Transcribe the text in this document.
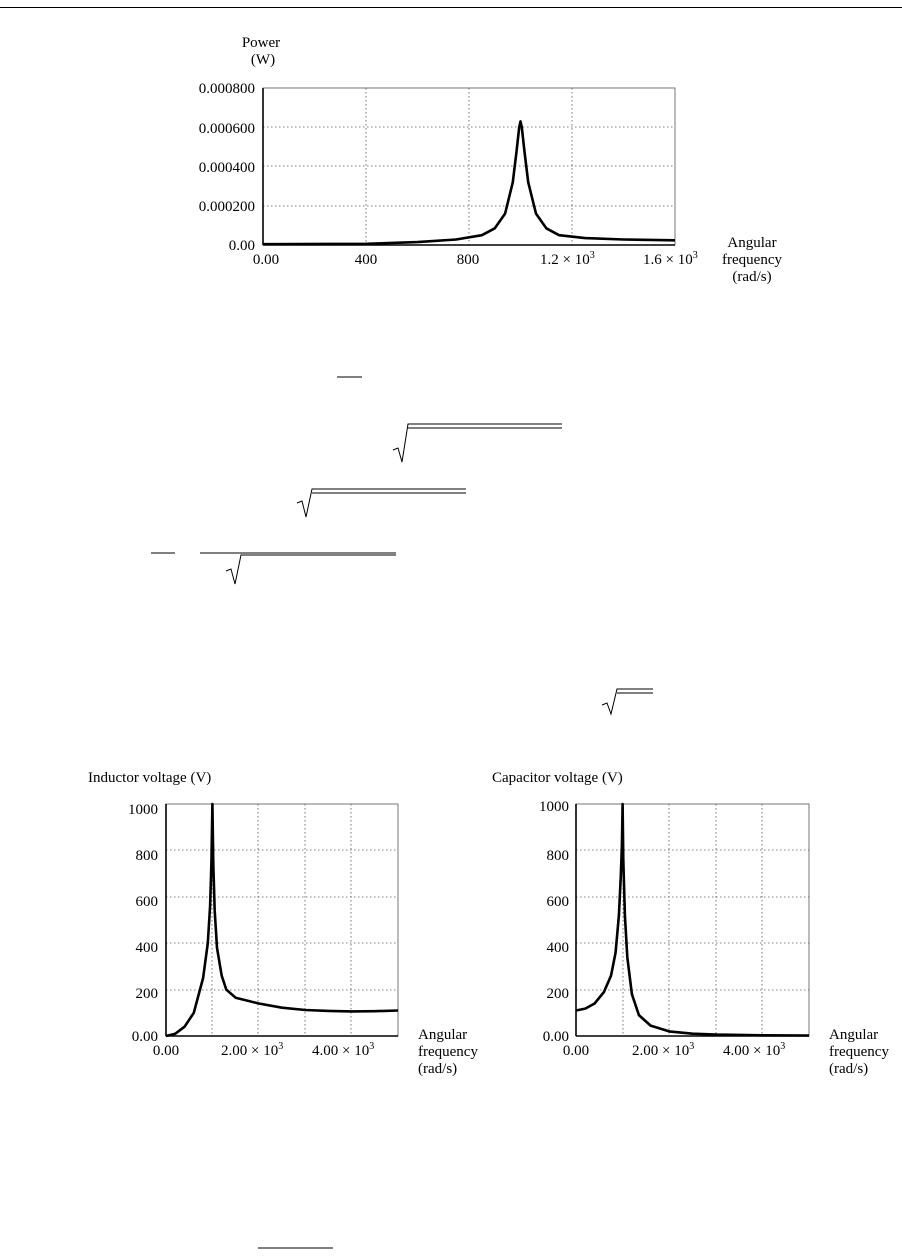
Power
(W)
0.000800
0.000600
0.000400
0.000200
0.00
0.00	400	800	$1.2 \times 10^3$	$1.6 \times 10^3$
Angular
frequency
(rad/s)
Inductor voltage (V)
1000
800
600
400
200
0.00
0.00	$2.00 \times 10^3$ $4.00 \times 10^3$
Angular
frequency
(rad/s)
Capacitor voltage (V)
1000
800
600
400
200
0.00
0.00	$2.00 \times 10^3$ $4.00 \times 10^3$
Angular
frequency
(rad/s)
